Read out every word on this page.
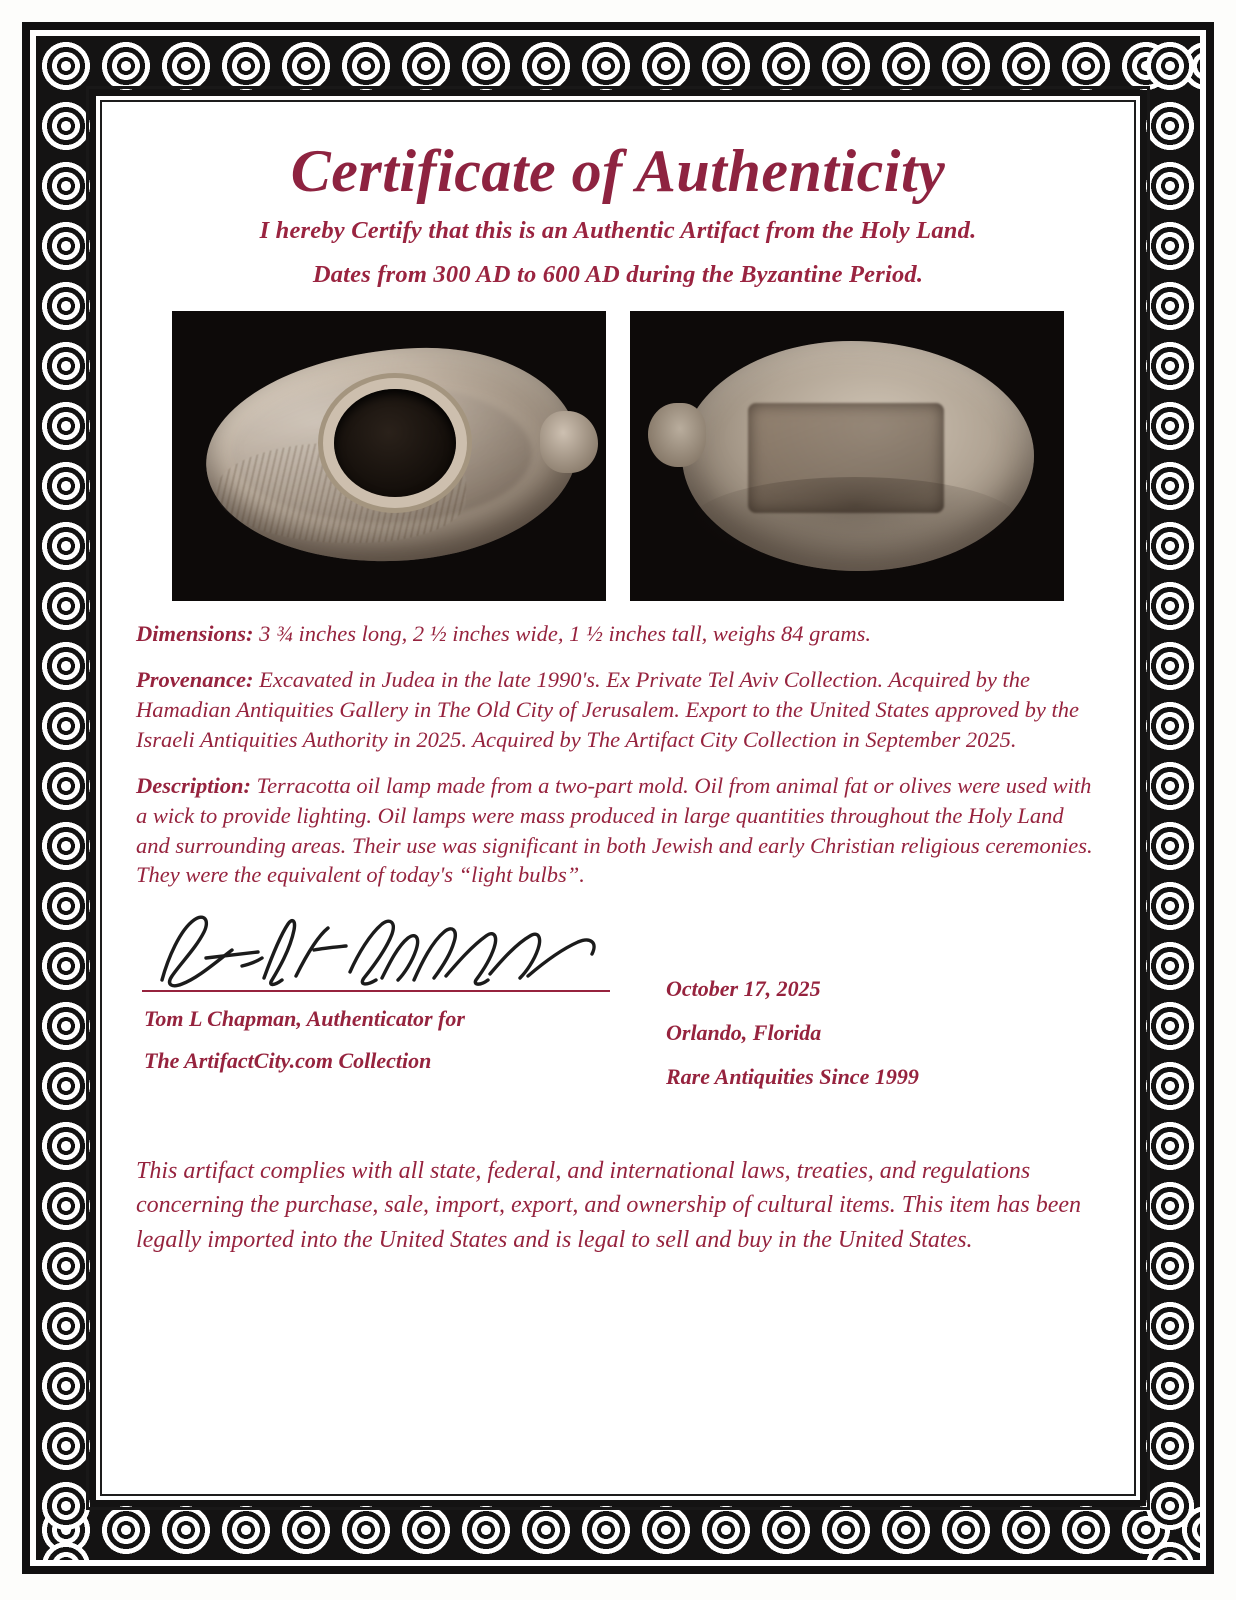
Certificate of Authenticity
I hereby Certify that this is an Authentic Artifact from the Holy Land.
Dates from 300 AD to 600 AD during the Byzantine Period.

Dimensions: 3 ¾ inches long, 2 ½ inches wide, 1 ½ inches tall, weighs 84 grams.

Provenance: Excavated in Judea in the late 1990's. Ex Private Tel Aviv Collection. Acquired by the Hamadian Antiquities Gallery in The Old City of Jerusalem. Export to the United States approved by the Israeli Antiquities Authority in 2025. Acquired by The Artifact City Collection in September 2025.

Description: Terracotta oil lamp made from a two-part mold. Oil from animal fat or olives were used with a wick to provide lighting. Oil lamps were mass produced in large quantities throughout the Holy Land and surrounding areas. Their use was significant in both Jewish and early Christian religious ceremonies. They were the equivalent of today's “light bulbs”.

Tom L Chapman, Authenticator for
The ArtifactCity.com Collection
October 17, 2025
Orlando, Florida
Rare Antiquities Since 1999
This artifact complies with all state, federal, and international laws, treaties, and regulations concerning the purchase, sale, import, export, and ownership of cultural items. This item has been legally imported into the United States and is legal to sell and buy in the United States.
